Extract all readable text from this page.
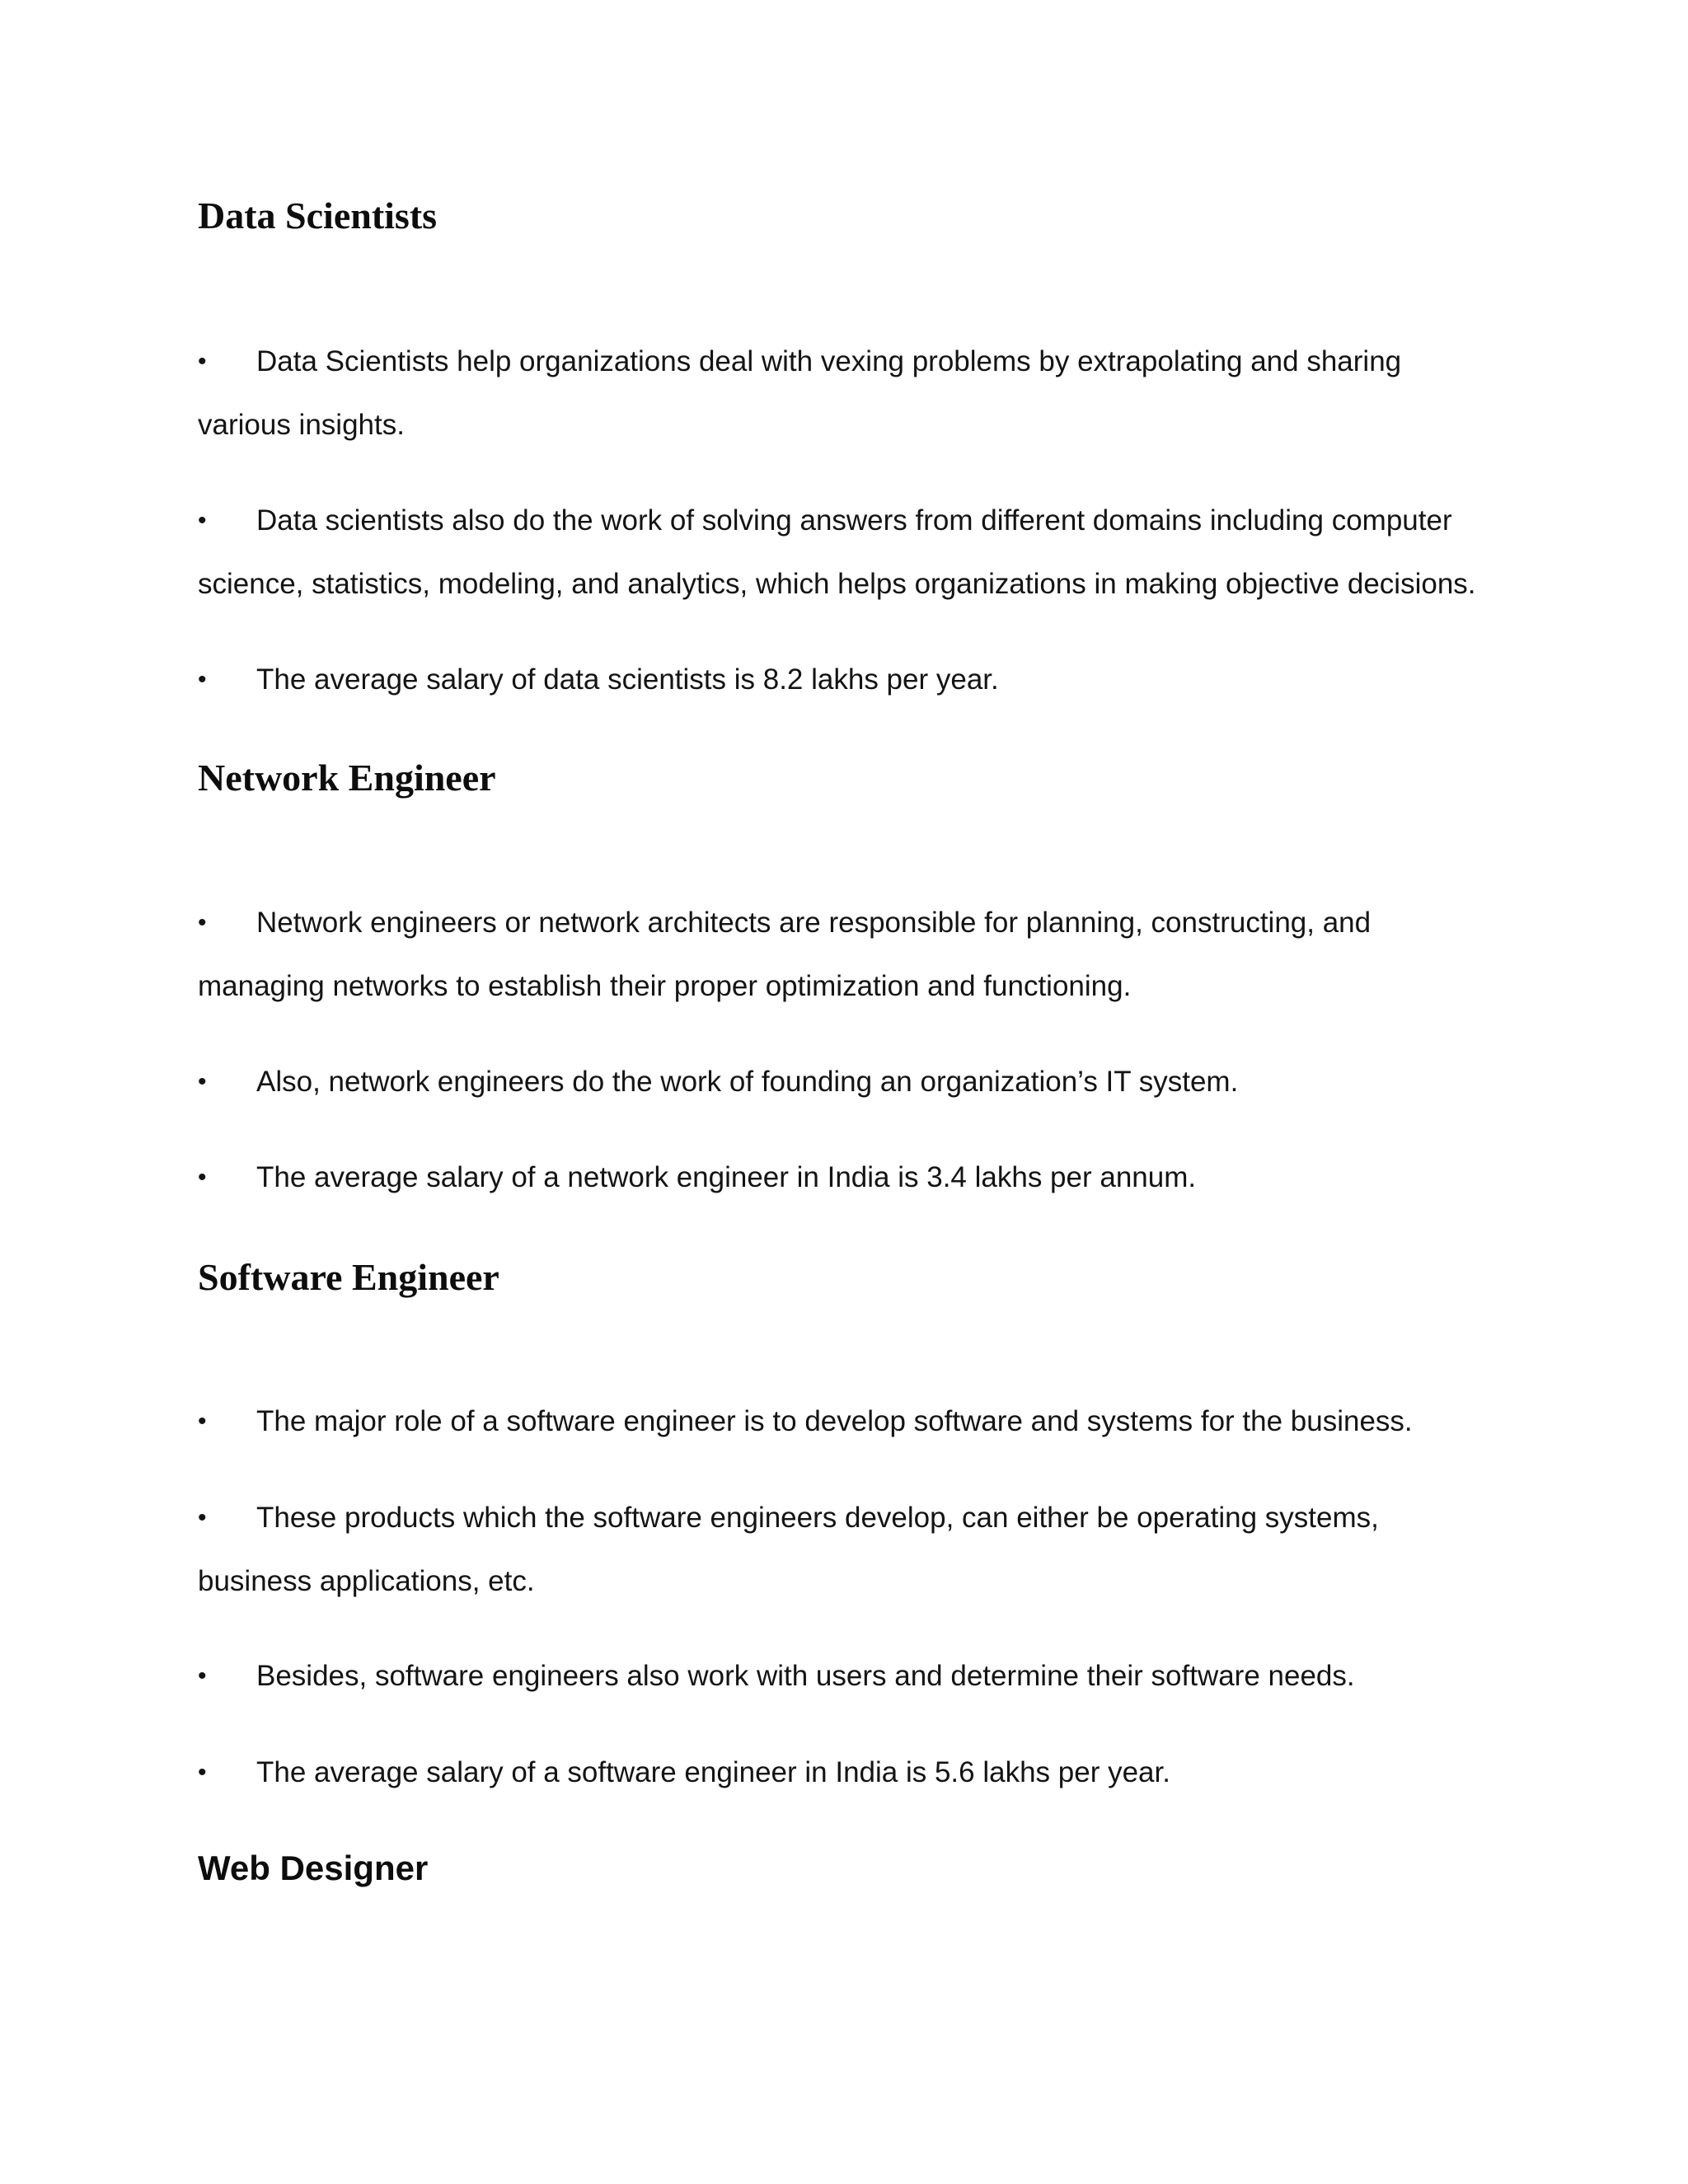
Data Scientists

• Data Scientists help organizations deal with vexing problems by extrapolating and sharing various insights.

• Data scientists also do the work of solving answers from different domains including computer science, statistics, modeling, and analytics, which helps organizations in making objective decisions.

• The average salary of data scientists is 8.2 lakhs per year.

Network Engineer

• Network engineers or network architects are responsible for planning, constructing, and managing networks to establish their proper optimization and functioning.

• Also, network engineers do the work of founding an organization’s IT system.

• The average salary of a network engineer in India is 3.4 lakhs per annum.

Software Engineer

• The major role of a software engineer is to develop software and systems for the business.

• These products which the software engineers develop, can either be operating systems, business applications, etc.

• Besides, software engineers also work with users and determine their software needs.

• The average salary of a software engineer in India is 5.6 lakhs per year.

Web Designer
